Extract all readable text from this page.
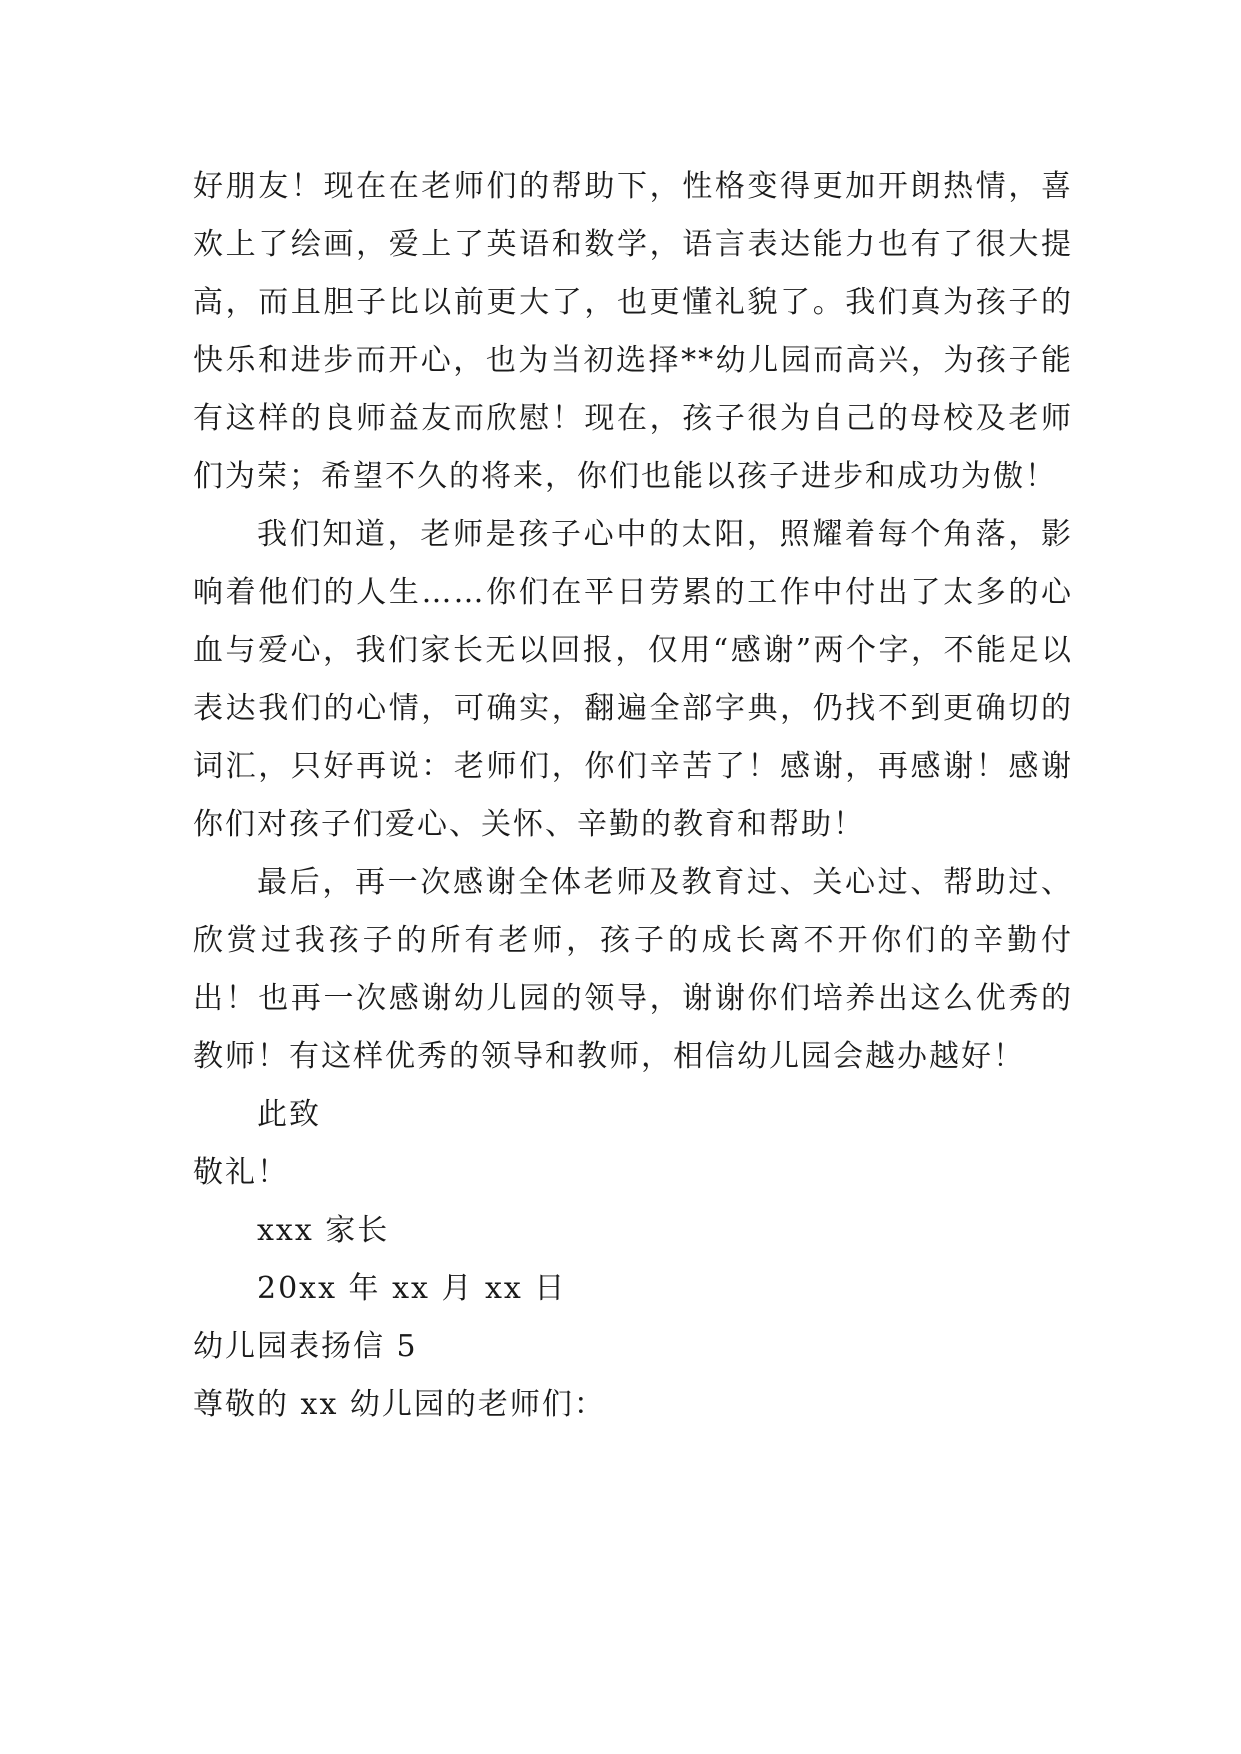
好朋友！现在在老师们的帮助下，性格变得更加开朗热情，喜欢上了绘画，爱上了英语和数学，语言表达能力也有了很大提高，而且胆子比以前更大了，也更懂礼貌了。我们真为孩子的快乐和进步而开心，也为当初选择**幼儿园而高兴，为孩子能有这样的良师益友而欣慰！现在，孩子很为自己的母校及老师们为荣；希望不久的将来，你们也能以孩子进步和成功为傲！

我们知道，老师是孩子心中的太阳，照耀着每个角落，影响着他们的人生……你们在平日劳累的工作中付出了太多的心血与爱心，我们家长无以回报，仅用“感谢”两个字，不能足以表达我们的心情，可确实，翻遍全部字典，仍找不到更确切的词汇，只好再说：老师们，你们辛苦了！感谢，再感谢！感谢你们对孩子们爱心、关怀、辛勤的教育和帮助！

最后，再一次感谢全体老师及教育过、关心过、帮助过、欣赏过我孩子的所有老师，孩子的成长离不开你们的辛勤付出！也再一次感谢幼儿园的领导，谢谢你们培养出这么优秀的教师！有这样优秀的领导和教师，相信幼儿园会越办越好！

此致

敬礼！

xxx 家长

20xx 年 xx 月 xx 日

幼儿园表扬信 5

尊敬的 xx 幼儿园的老师们：
